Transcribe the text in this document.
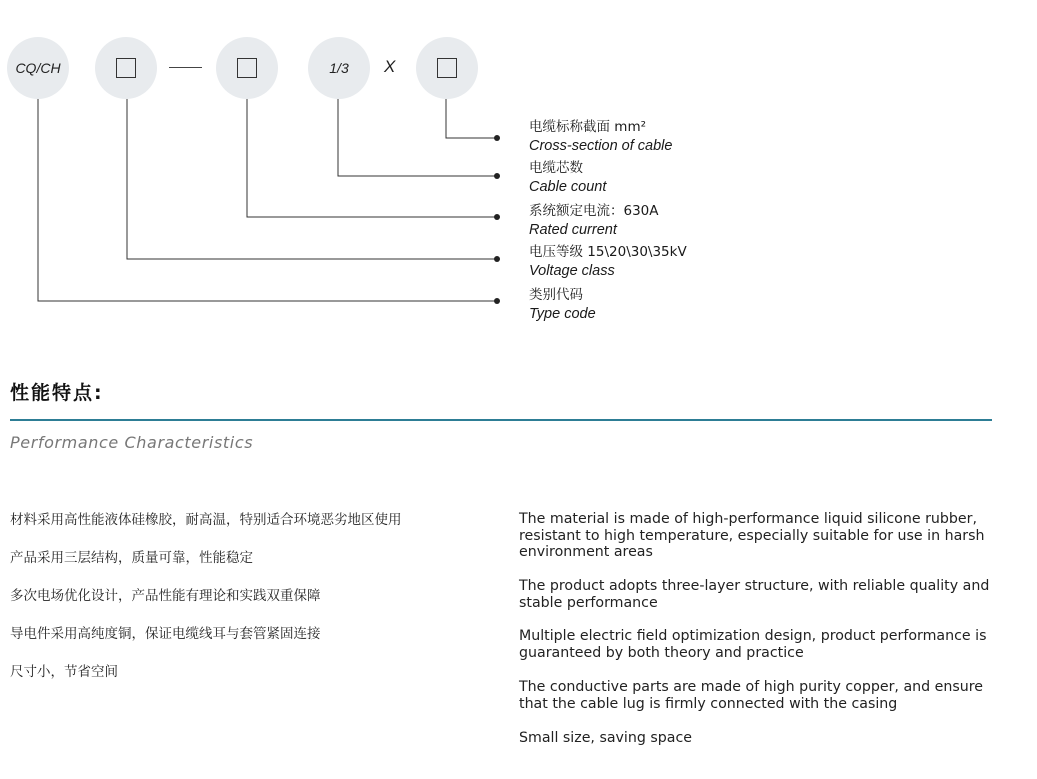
CQ/CH	1/3 X
电缆标称截面 mm²
Cross-section of cable
电缆芯数
Cable count
系统额定电流：630A
Rated current
电压等级 15\20\30\35kV
Voltage class
类别代码
Type code
性能特点:
Performance Characteristics
材料采用高性能液体硅橡胶，耐高温，特别适合环境恶劣地区使用
产品采用三层结构，质量可靠，性能稳定
多次电场优化设计，产品性能有理论和实践双重保障
导电件采用高纯度铜，保证电缆线耳与套管紧固连接
尺寸小，节省空间
The material is made of high-performance liquid silicone rubber, resistant to high temperature, especially suitable for use in harsh environment areas
The product adopts three-layer structure, with reliable quality and stable performance
Multiple electric field optimization design, product performance is guaranteed by both theory and practice
The conductive parts are made of high purity copper, and ensure that the cable lug is firmly connected with the casing
Small size, saving space
